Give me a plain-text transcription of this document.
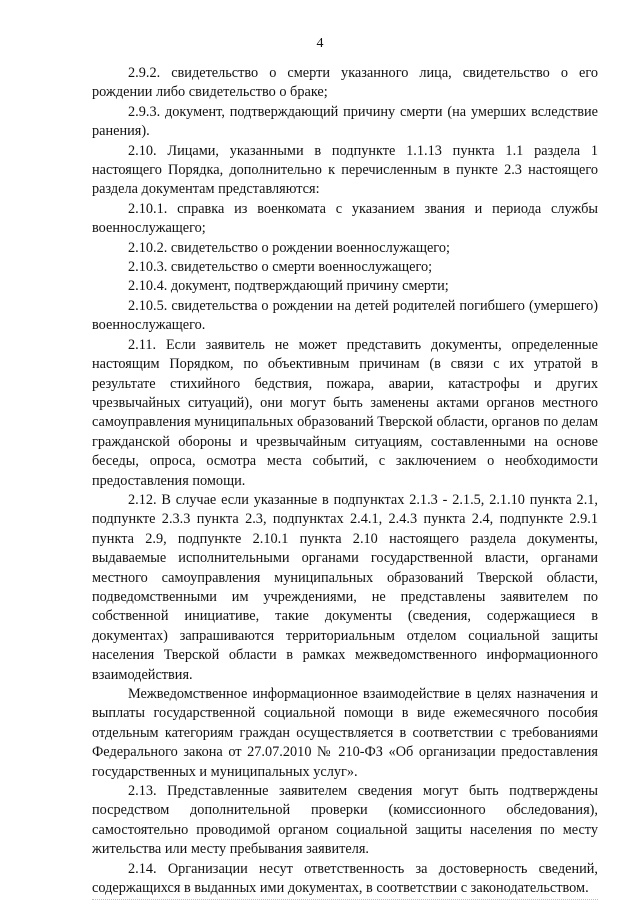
4

2.9.2. свидетельство о смерти указанного лица, свидетельство о его рождении либо свидетельство о браке;

2.9.3. документ, подтверждающий причину смерти (на умерших вследствие ранения).

2.10. Лицами, указанными в подпункте 1.1.13 пункта 1.1 раздела 1 настоящего Порядка, дополнительно к перечисленным в пункте 2.3 настоящего раздела документам представляются:

2.10.1. справка из военкомата с указанием звания и периода службы военнослужащего;

2.10.2. свидетельство о рождении военнослужащего;

2.10.3. свидетельство о смерти военнослужащего;

2.10.4. документ, подтверждающий причину смерти;

2.10.5. свидетельства о рождении на детей родителей погибшего (умершего) военнослужащего.

2.11. Если заявитель не может представить документы, определенные настоящим Порядком, по объективным причинам (в связи с их утратой в результате стихийного бедствия, пожара, аварии, катастрофы и других чрезвычайных ситуаций), они могут быть заменены актами органов местного самоуправления муниципальных образований Тверской области, органов по делам гражданской обороны и чрезвычайным ситуациям, составленными на основе беседы, опроса, осмотра места событий, с заключением о необходимости предоставления помощи.

2.12. В случае если указанные в подпунктах 2.1.3 - 2.1.5, 2.1.10 пункта 2.1, подпункте 2.3.3 пункта 2.3, подпунктах 2.4.1, 2.4.3 пункта 2.4, подпункте 2.9.1 пункта 2.9, подпункте 2.10.1 пункта 2.10 настоящего раздела документы, выдаваемые исполнительными органами государственной власти, органами местного самоуправления муниципальных образований Тверской области, подведомственными им учреждениями, не представлены заявителем по собственной инициативе, такие документы (сведения, содержащиеся в документах) запрашиваются территориальным отделом социальной защиты населения Тверской области в рамках межведомственного информационного взаимодействия.

Межведомственное информационное взаимодействие в целях назначения и выплаты государственной социальной помощи в виде ежемесячного пособия отдельным категориям граждан осуществляется в соответствии с требованиями Федерального закона от 27.07.2010 № 210-ФЗ «Об организации предоставления государственных и муниципальных услуг».

2.13. Представленные заявителем сведения могут быть подтверждены посредством дополнительной проверки (комиссионного обследования), самостоятельно проводимой органом социальной защиты населения по месту жительства или месту пребывания заявителя.

2.14. Организации несут ответственность за достоверность сведений, содержащихся в выданных ими документах, в соответствии с законодательством.
